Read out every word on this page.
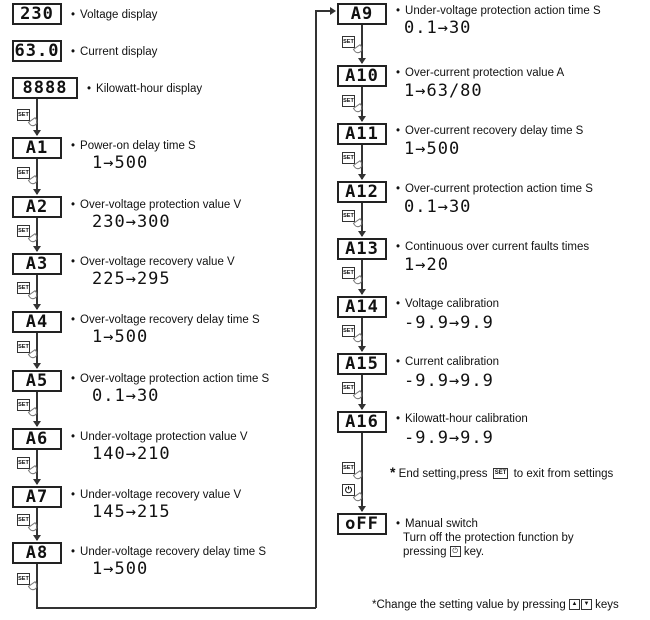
230	• Voltage display
63.0	• Current display
8888	• Kilowatt-hour display
A1	• Power-on delay time S
1→500
A2	• Over-voltage protection value V
230→300
A3	• Over-voltage recovery value V
225→295
A4	• Over-voltage recovery delay time S
1→500
A5	• Over-voltage protection action time S
0.1→30
A6	• Under-voltage protection value V
140→210
A7	• Under-voltage recovery value V
145→215
A8	• Under-voltage recovery delay time S
1→500
SET
SET
SET
SET
SET
SET
SET
SET
SET
A9	• Under-voltage protection action time S
0.1→30
A10	• Over-current protection value A
1→63/80
A11	• Over-current recovery delay time S
1→500
A12	• Over-current protection action time S
0.1→30
A13	• Continuous over current faults times
1→20
A14	• Voltage calibration
-9.9→9.9
A15	• Current calibration
-9.9→9.9
A16	• Kilowatt-hour calibration
-9.9→9.9
* End setting,press SET to exit from settings
oFF	• Manual switch
Turn off the protection function by
pressing ⏻ key.
*Change the setting value by pressing ▲ ▼ keys
SET
SET
SET
SET
SET
SET
SET
SET
⏻
